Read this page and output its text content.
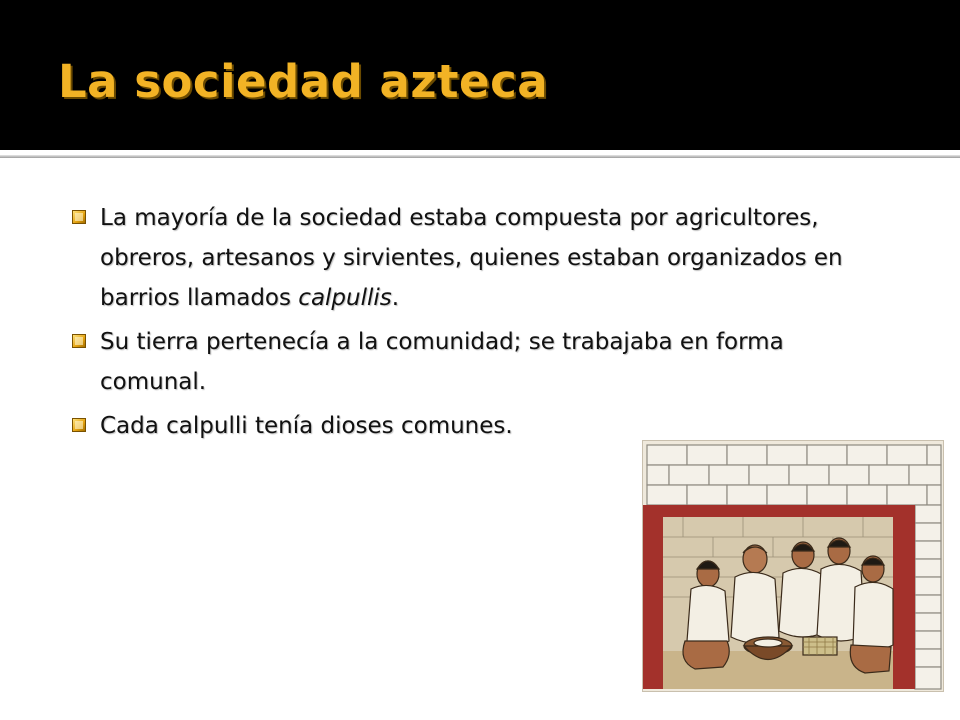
La sociedad azteca
La mayoría de la sociedad estaba compuesta por agricultores, obreros, artesanos y sirvientes, quienes estaban organizados en barrios llamados calpullis.
Su tierra pertenecía a la comunidad; se trabajaba en forma comunal.
Cada calpulli tenía dioses comunes.
